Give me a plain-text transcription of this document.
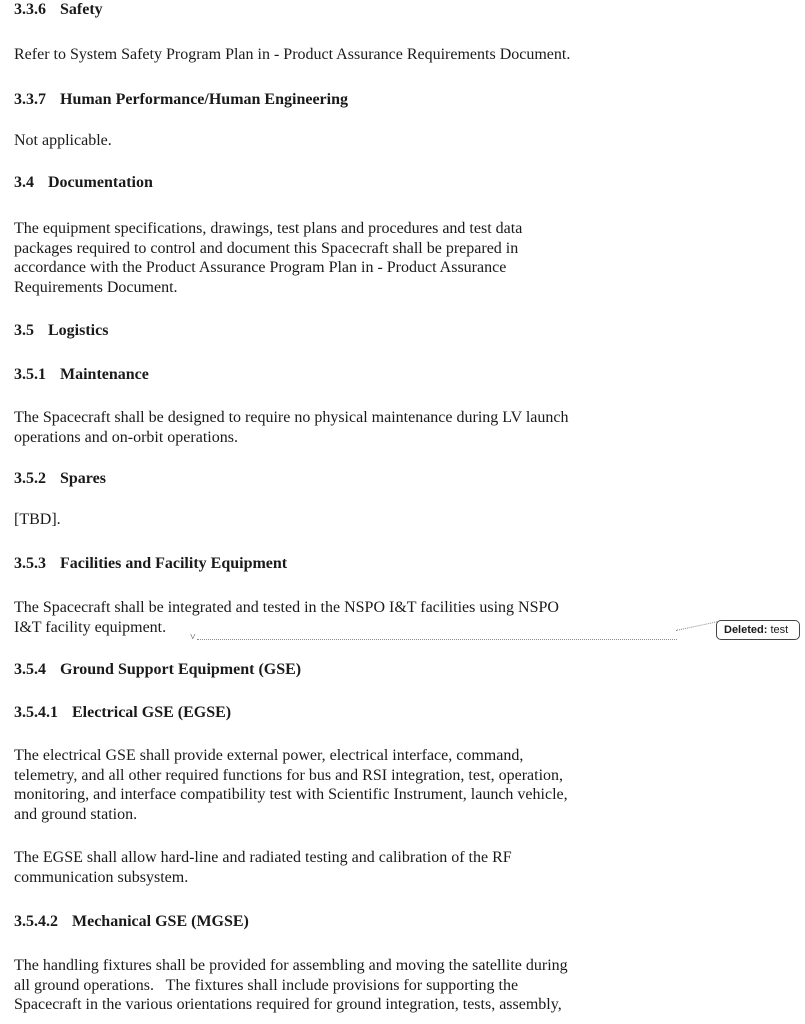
3.3.6 Safety

Refer to System Safety Program Plan in - Product Assurance Requirements Document.

3.3.7 Human Performance/Human Engineering

Not applicable.

3.4 Documentation
The equipment specifications, drawings, test plans and procedures and test data
packages required to control and document this Spacecraft shall be prepared in
accordance with the Product Assurance Program Plan in - Product Assurance
Requirements Document.
3.5 Logistics
3.5.1 Maintenance
The Spacecraft shall be designed to require no physical maintenance during LV launch
operations and on-orbit operations.
3.5.2 Spares

[TBD].

3.5.3 Facilities and Facility Equipment
The Spacecraft shall be integrated and tested in the NSPO I&T facilities using NSPO
I&T facility equipment.
˅
Deleted: test
3.5.4 Ground Support Equipment (GSE)
3.5.4.1 Electrical GSE (EGSE)
The electrical GSE shall provide external power, electrical interface, command,
telemetry, and all other required functions for bus and RSI integration, test, operation,
monitoring, and interface compatibility test with Scientific Instrument, launch vehicle,
and ground station.
The EGSE shall allow hard-line and radiated testing and calibration of the RF
communication subsystem.
3.5.4.2 Mechanical GSE (MGSE)
The handling fixtures shall be provided for assembling and moving the satellite during
all ground operations.   The fixtures shall include provisions for supporting the
Spacecraft in the various orientations required for ground integration, tests, assembly,
